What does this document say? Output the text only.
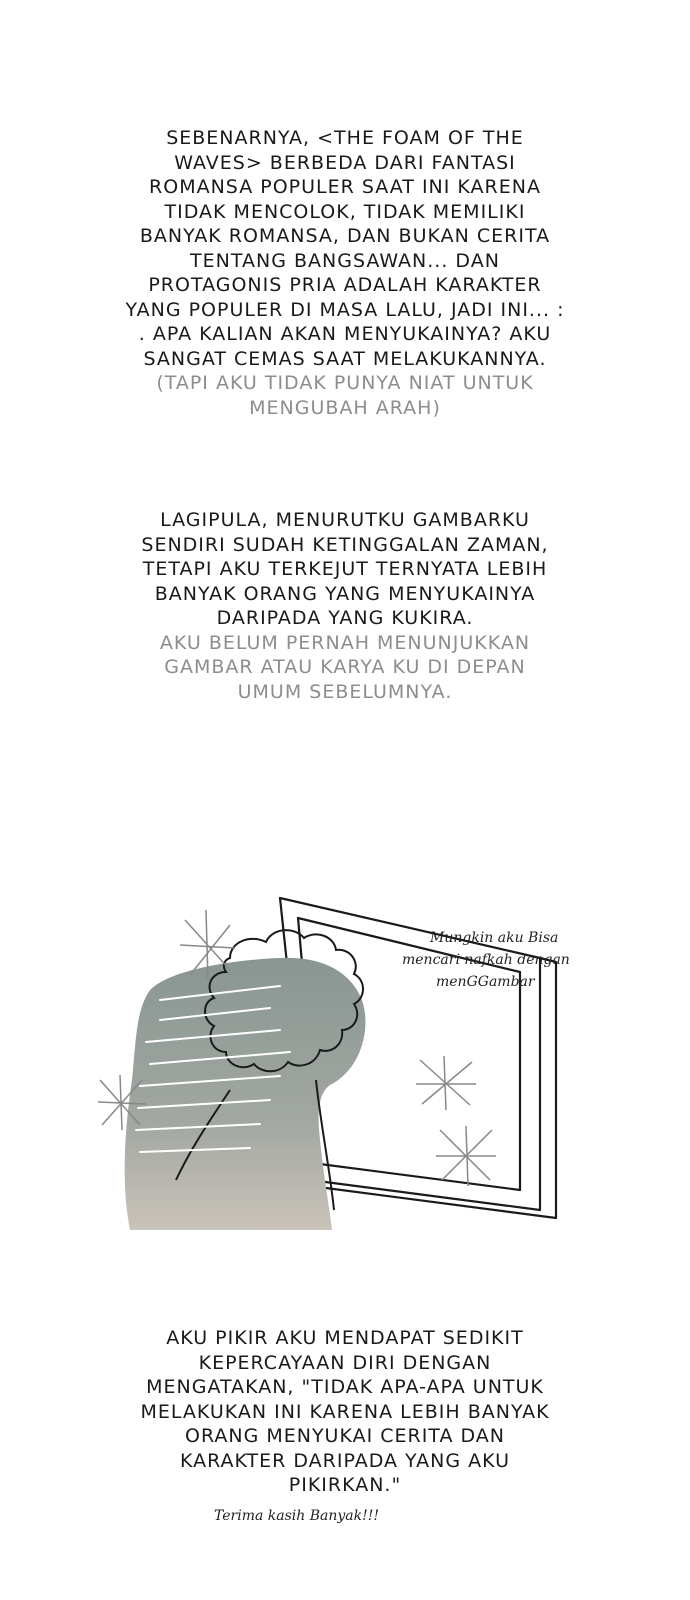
SEBENARNYA, <THE FOAM OF THE
WAVES> BERBEDA DARI FANTASI
ROMANSA POPULER SAAT INI KARENA
TIDAK MENCOLOK, TIDAK MEMILIKI
BANYAK ROMANSA, DAN BUKAN CERITA
TENTANG BANGSAWAN... DAN
PROTAGONIS PRIA ADALAH KARAKTER
YANG POPULER DI MASA LALU, JADI INI... :
. APA KALIAN AKAN MENYUKAINYA? AKU
SANGAT CEMAS SAAT MELAKUKANNYA.
(TAPI AKU TIDAK PUNYA NIAT UNTUK
MENGUBAH ARAH)
LAGIPULA, MENURUTKU GAMBARKU
SENDIRI SUDAH KETINGGALAN ZAMAN,
TETAPI AKU TERKEJUT TERNYATA LEBIH
BANYAK ORANG YANG MENYUKAINYA
DARIPADA YANG KUKIRA.
AKU BELUM PERNAH MENUNJUKKAN
GAMBAR ATAU KARYA KU DI DEPAN
UMUM SEBELUMNYA.
Mungkin aku Bisa
mencari nafkah dengan
menGGambar
AKU PIKIR AKU MENDAPAT SEDIKIT
KEPERCAYAAN DIRI DENGAN
MENGATAKAN, "TIDAK APA-APA UNTUK
MELAKUKAN INI KARENA LEBIH BANYAK
ORANG MENYUKAI CERITA DAN
KARAKTER DARIPADA YANG AKU
PIKIRKAN."
Terima kasih Banyak!!!
